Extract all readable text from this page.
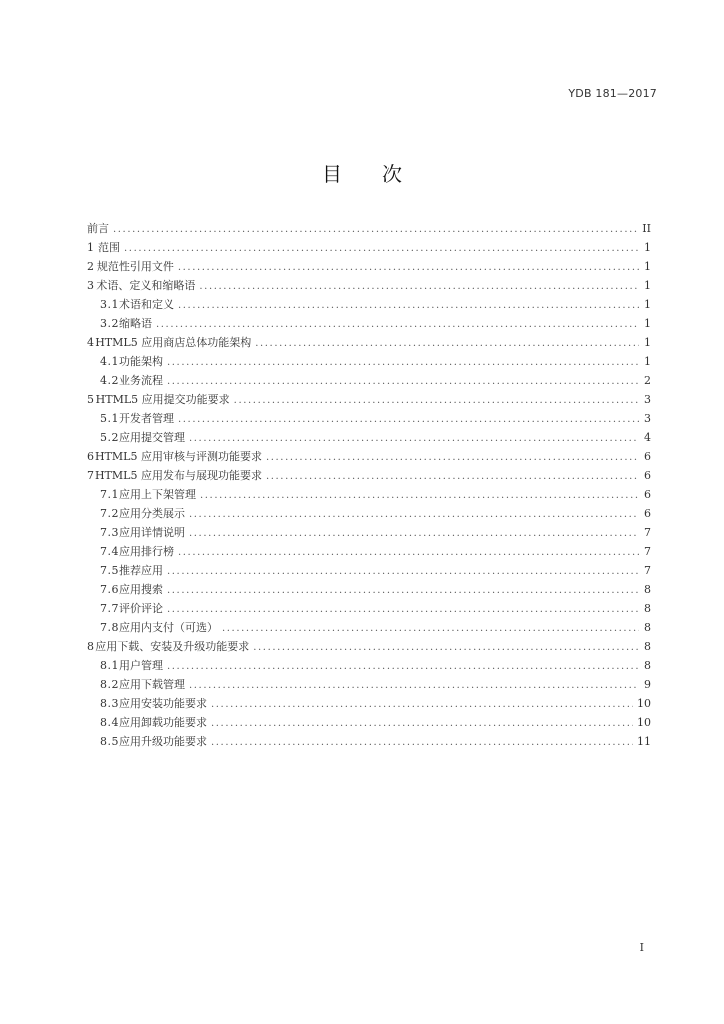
YDB 181—2017
目 次
前言 .....	II
1 范围 .....	1
2 规范性引用文件 .....	1
3 术语、定义和缩略语 .....	1
3.1 术语和定义 .....	1
3.2 缩略语 .....	1
4 HTML5 应用商店总体功能架构 .....	1
4.1 功能架构 .....	1
4.2 业务流程 .....	2
5 HTML5 应用提交功能要求 .....	3
5.1 开发者管理 .....	3
5.2 应用提交管理 .....	4
6 HTML5 应用审核与评测功能要求 .....	6
7 HTML5 应用发布与展现功能要求 .....	6
7.1 应用上下架管理 .....	6
7.2 应用分类展示 .....	6
7.3 应用详情说明 .....	7
7.4 应用排行榜 .....	7
7.5 推荐应用 .....	7
7.6 应用搜索 .....	8
7.7 评价评论 .....	8
7.8 应用内支付（可选） .....	8
8 应用下载、安装及升级功能要求 .....	8
8.1 用户管理 .....	8
8.2 应用下载管理 .....	9
8.3 应用安装功能要求 .....	10
8.4 应用卸载功能要求 .....	10
8.5 应用升级功能要求 .....	11
I
